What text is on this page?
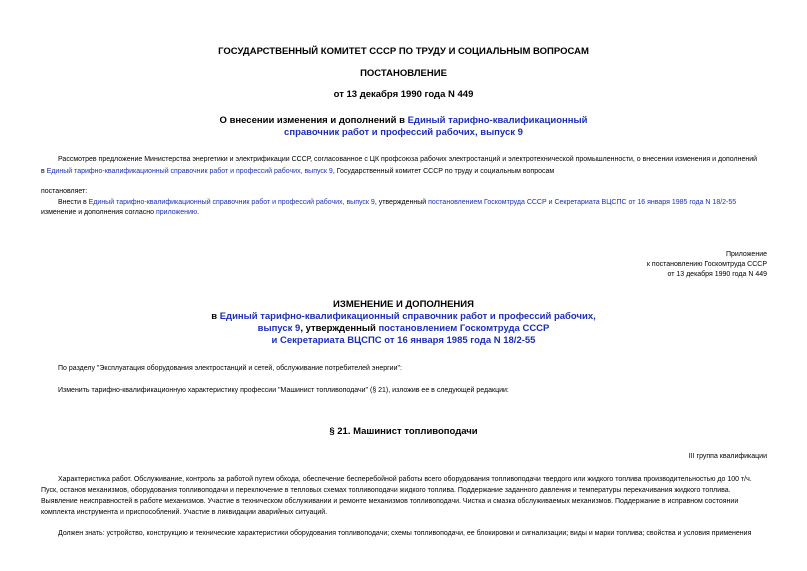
ГОСУДАРСТВЕННЫЙ КОМИТЕТ СССР ПО ТРУДУ И СОЦИАЛЬНЫМ ВОПРОСАМ
ПОСТАНОВЛЕНИЕ
от 13 декабря 1990 года N 449
О внесении изменения и дополнений в Единый тарифно-квалификационный
справочник работ и профессий рабочих, выпуск 9
Рассмотрев предложение Министерства энергетики и электрификации СССР, согласованное с ЦК профсоюза рабочих электростанций и электротехнической промышленности, о внесении изменения и дополнений
в Единый тарифно-квалификационный справочник работ и профессий рабочих, выпуск 9, Государственный комитет СССР по труду и социальным вопросам
постановляет:
Внести в Единый тарифно-квалификационный справочник работ и профессий рабочих, выпуск 9, утвержденный постановлением Госкомтруда СССР и Секретариата ВЦСПС от 16 января 1985 года N 18/2-55
изменение и дополнения согласно приложению.
Приложение
к постановлению Госкомтруда СССР
от 13 декабря 1990 года N 449
ИЗМЕНЕНИЕ И ДОПОЛНЕНИЯ
в Единый тарифно-квалификационный справочник работ и профессий рабочих,
выпуск 9, утвержденный постановлением Госкомтруда СССР
и Секретариата ВЦСПС от 16 января 1985 года N 18/2-55
По разделу "Эксплуатация оборудования электростанций и сетей, обслуживание потребителей энергии":
Изменить тарифно-квалификационную характеристику профессии "Машинист топливоподачи" (§ 21), изложив ее в следующей редакции:
§ 21. Машинист топливоподачи
III группа квалификации
Характеристика работ. Обслуживание, контроль за работой путем обхода, обеспечение бесперебойной работы всего оборудования топливоподачи твердого или жидкого топлива производительностью до 100 т/ч.
Пуск, останов механизмов, оборудования топливоподачи и переключение в тепловых схемах топливоподачи жидкого топлива. Поддержание заданного давления и температуры перекачивания жидкого топлива.
Выявление неисправностей в работе механизмов. Участие в техническом обслуживании и ремонте механизмов топливоподачи. Чистка и смазка обслуживаемых механизмов. Поддержание в исправном состоянии
комплекта инструмента и приспособлений. Участие в ликвидации аварийных ситуаций.
Должен знать: устройство, конструкцию и технические характеристики оборудования топливоподачи; схемы топливоподачи, ее блокировки и сигнализации; виды и марки топлива; свойства и условия применения
